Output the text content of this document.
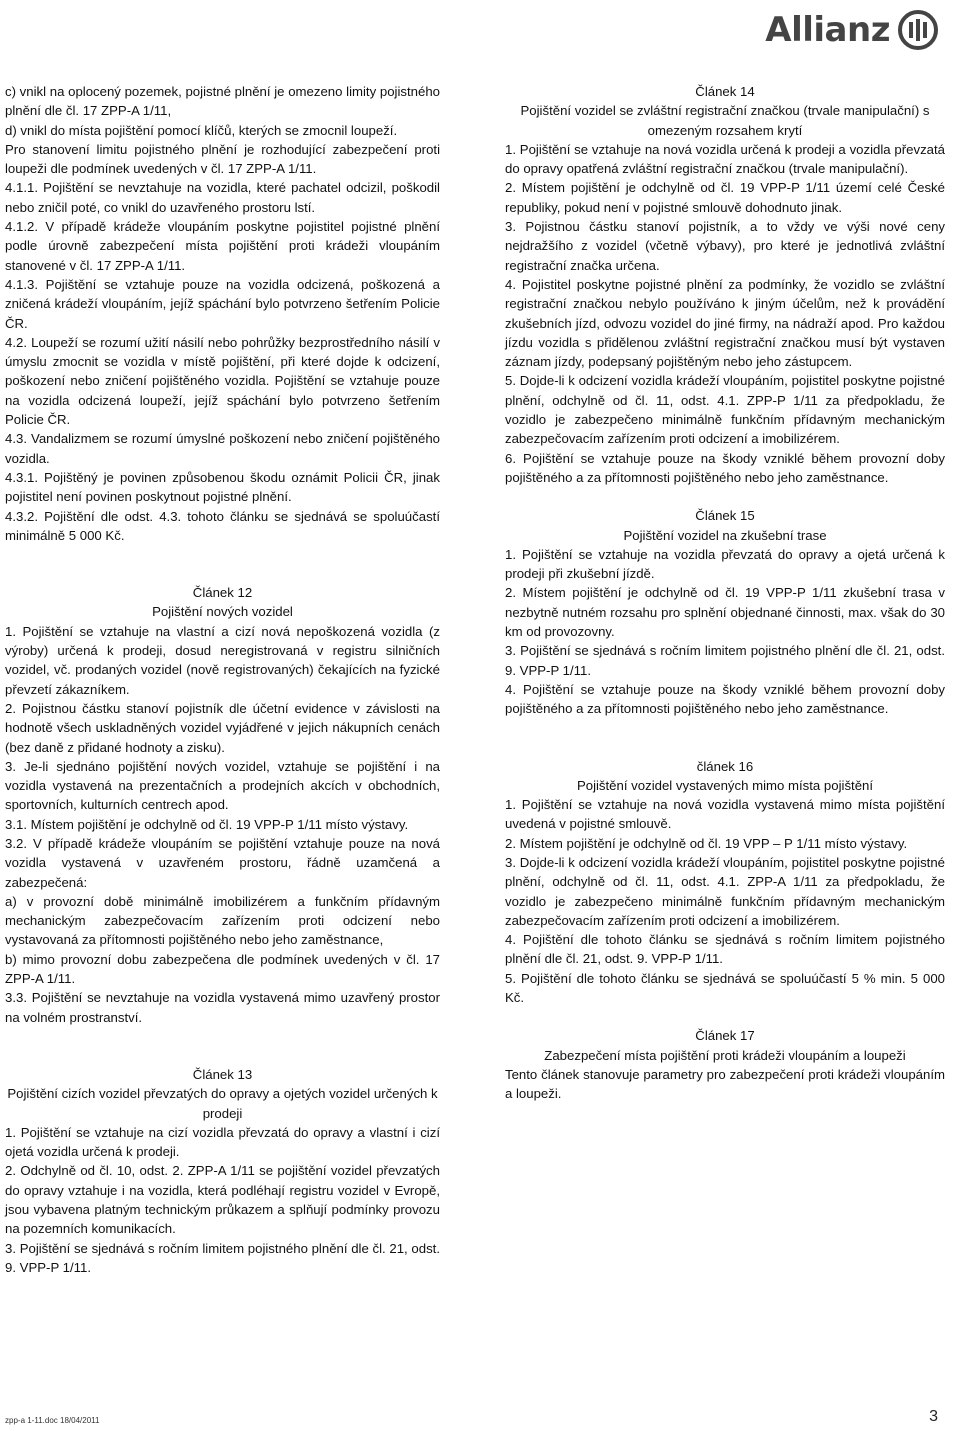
Allianz

c) vnikl na oplocený pozemek, pojistné plnění je omezeno limity pojistného plnění dle čl. 17 ZPP-A 1/11,

d) vnikl do místa pojištění pomocí klíčů, kterých se zmocnil loupeží.

Pro stanovení limitu pojistného plnění je rozhodující zabezpečení proti loupeži dle podmínek uvedených v čl. 17 ZPP-A 1/11.

4.1.1. Pojištění se nevztahuje na vozidla, které pachatel odcizil, poškodil nebo zničil poté, co vnikl do uzavřeného prostoru lstí.

4.1.2. V případě krádeže vloupáním poskytne pojistitel pojistné plnění podle úrovně zabezpečení místa pojištění proti krádeži vloupáním stanovené v čl. 17 ZPP-A 1/11.

4.1.3. Pojištění se vztahuje pouze na vozidla odcizená, poškozená a zničená krádeží vloupáním, jejíž spáchání bylo potvrzeno šetřením Policie ČR.

4.2. Loupeží se rozumí užití násilí nebo pohrůžky bezprostředního násilí v úmyslu zmocnit se vozidla v místě pojištění, při které dojde k odcizení, poškození nebo zničení pojištěného vozidla. Pojištění se vztahuje pouze na vozidla odcizená loupeží, jejíž spáchání bylo potvrzeno šetřením Policie ČR.

4.3. Vandalizmem se rozumí úmyslné poškození nebo zničení pojištěného vozidla.

4.3.1. Pojištěný je povinen způsobenou škodu oznámit Policii ČR, jinak pojistitel není povinen poskytnout pojistné plnění.

4.3.2. Pojištění dle odst. 4.3. tohoto článku se sjednává se spoluúčastí minimálně 5 000 Kč.

Článek 12

Pojištění nových vozidel

1. Pojištění se vztahuje na vlastní a cizí nová nepoškozená vozidla (z výroby) určená k prodeji, dosud neregistrovaná v registru silničních vozidel, vč. prodaných vozidel (nově registrovaných) čekajících na fyzické převzetí zákazníkem.

2. Pojistnou částku stanoví pojistník dle účetní evidence v závislosti na hodnotě všech uskladněných vozidel vyjádřené v jejich nákupních cenách (bez daně z přidané hodnoty a zisku).

3. Je-li sjednáno pojištění nových vozidel, vztahuje se pojištění i na vozidla vystavená na prezentačních a prodejních akcích v obchodních, sportovních, kulturních centrech apod.

3.1. Místem pojištění je odchylně od čl. 19 VPP-P 1/11 místo výstavy.

3.2. V případě krádeže vloupáním se pojištění vztahuje pouze na nová vozidla vystavená v uzavřeném prostoru, řádně uzamčená a zabezpečená:

a) v provozní době minimálně imobilizérem a funkčním přídavným mechanickým zabezpečovacím zařízením proti odcizení nebo vystavovaná za přítomnosti pojištěného nebo jeho zaměstnance,

b) mimo provozní dobu zabezpečena dle podmínek uvedených v čl. 17 ZPP-A 1/11.

3.3. Pojištění se nevztahuje na vozidla vystavená mimo uzavřený prostor na volném prostranství.

Článek 13

Pojištění cizích vozidel převzatých do opravy a ojetých vozidel určených k prodeji

1. Pojištění se vztahuje na cizí vozidla převzatá do opravy a vlastní i cizí ojetá vozidla určená k prodeji.

2. Odchylně od čl. 10, odst. 2. ZPP-A 1/11 se pojištění vozidel převzatých do opravy vztahuje i na vozidla, která podléhají registru vozidel v Evropě, jsou vybavena platným technickým průkazem a splňují podmínky provozu na pozemních komunikacích.

3. Pojištění se sjednává s ročním limitem pojistného plnění dle čl. 21, odst. 9. VPP-P 1/11.

Článek 14

Pojištění vozidel se zvláštní registrační značkou (trvale manipulační) s omezeným rozsahem krytí

1. Pojištění se vztahuje na nová vozidla určená k prodeji a vozidla převzatá do opravy opatřená zvláštní registrační značkou (trvale manipulační).

2. Místem pojištění je odchylně od čl. 19 VPP-P 1/11 území celé České republiky, pokud není v pojistné smlouvě dohodnuto jinak.

3. Pojistnou částku stanoví pojistník, a to vždy ve výši nové ceny nejdražšího z vozidel (včetně výbavy), pro které je jednotlivá zvláštní registrační značka určena.

4. Pojistitel poskytne pojistné plnění za podmínky, že vozidlo se zvláštní registrační značkou nebylo používáno k jiným účelům, než k provádění zkušebních jízd, odvozu vozidel do jiné firmy, na nádraží apod. Pro každou jízdu vozidla s přidělenou zvláštní registrační značkou musí být vystaven záznam jízdy, podepsaný pojištěným nebo jeho zástupcem.

5. Dojde-li k odcizení vozidla krádeží vloupáním, pojistitel poskytne pojistné plnění, odchylně od čl. 11, odst. 4.1. ZPP-P 1/11 za předpokladu, že vozidlo je zabezpečeno minimálně funkčním přídavným mechanickým zabezpečovacím zařízením proti odcizení a imobilizérem.

6. Pojištění se vztahuje pouze na škody vzniklé během provozní doby pojištěného a za přítomnosti pojištěného nebo jeho zaměstnance.

Článek 15

Pojištění vozidel na zkušební trase

1. Pojištění se vztahuje na vozidla převzatá do opravy a ojetá určená k prodeji při zkušební jízdě.

2. Místem pojištění je odchylně od čl. 19 VPP-P 1/11 zkušební trasa v nezbytně nutném rozsahu pro splnění objednané činnosti, max. však do 30 km od provozovny.

3. Pojištění se sjednává s ročním limitem pojistného plnění dle čl. 21, odst. 9. VPP-P 1/11.

4. Pojištění se vztahuje pouze na škody vzniklé během provozní doby pojištěného a za přítomnosti pojištěného nebo jeho zaměstnance.

článek 16

Pojištění vozidel vystavených mimo místa pojištění

1. Pojištění se vztahuje na nová vozidla vystavená mimo místa pojištění uvedená v pojistné smlouvě.

2. Místem pojištění je odchylně od čl. 19 VPP – P 1/11 místo výstavy.

3. Dojde-li k odcizení vozidla krádeží vloupáním, pojistitel poskytne pojistné plnění, odchylně od čl. 11, odst. 4.1. ZPP-A 1/11 za předpokladu, že vozidlo je zabezpečeno minimálně funkčním přídavným mechanickým zabezpečovacím zařízením proti odcizení a imobilizérem.

4. Pojištění dle tohoto článku se sjednává s ročním limitem pojistného plnění dle čl. 21, odst. 9. VPP-P 1/11.

5. Pojištění dle tohoto článku se sjednává se spoluúčastí 5 % min. 5 000 Kč.

Článek 17

Zabezpečení místa pojištění proti krádeži vloupáním a loupeži

Tento článek stanovuje parametry pro zabezpečení proti krádeži vloupáním a loupeži.

zpp-a 1-11.doc 18/04/2011	3
